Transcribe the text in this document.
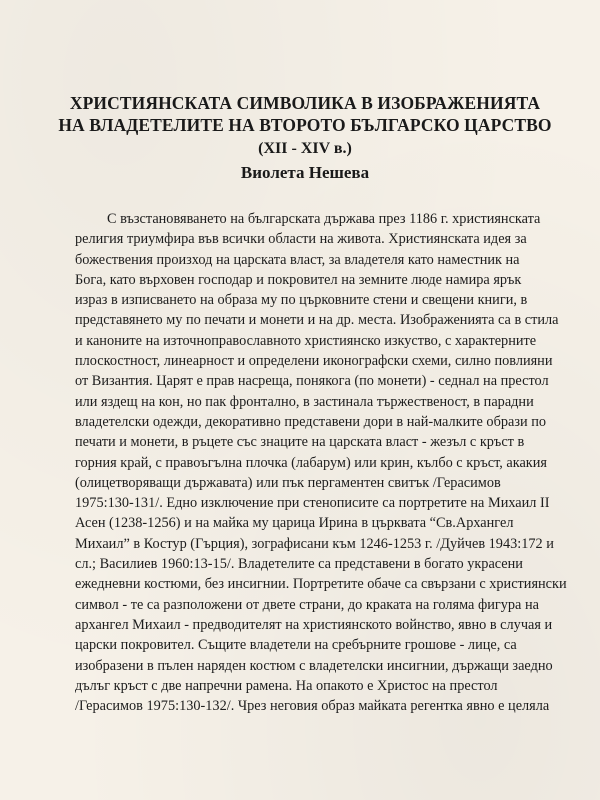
ХРИСТИЯНСКАТА СИМВОЛИКА В ИЗОБРАЖЕНИЯТА
НА ВЛАДЕТЕЛИТЕ НА ВТОРОТО БЪЛГАРСКО ЦАРСТВО
(XII - XIV в.)
Виолета Нешева
С възстановяването на българската държава през 1186 г. християнската
религия триумфира във всички области на живота. Християнската идея за
божествения произход на царската власт, за владетеля като наместник на
Бога, като върховен господар и покровител на земните люде намира ярък
израз в изписването на образа му по църковните стени и свещени книги, в
представянето му по печати и монети и на др. места. Изображенията са в стила
и каноните на източноправославното християнско изкуство, с характерните
плоскостност, линеарност и определени иконографски схеми, силно повлияни
от Византия. Царят е прав насреща, понякога (по монети) - седнал на престол
или яздещ на кон, но пак фронтално, в застинала тържественост, в парадни
владетелски одежди, декоративно представени дори в най-малките образи по
печати и монети, в ръцете със знаците на царската власт - жезъл с кръст в
горния край, с правоъгълна плочка (лабарум) или крин, кълбо с кръст, акакия
(олицетворяващи държавата) или пък пергаментен свитък /Герасимов
1975:130-131/. Едно изключение при стенописите са портретите на Михаил II
Асен (1238-1256) и на майка му царица Ирина в църквата “Св.Архангел
Михаил” в Костур (Гърция), зографисани към 1246-1253 г. /Дуйчев 1943:172 и
сл.; Василиев 1960:13-15/. Владетелите са представени в богато украсени
ежедневни костюми, без инсигнии. Портретите обаче са свързани с християнски
символ - те са разположени от двете страни, до краката на голяма фигура на
архангел Михаил - предводителят на християнското войнство, явно в случая и
царски покровител. Същите владетели на сребърните грошове - лице, са
изобразени в пълен наряден костюм с владетелски инсигнии, държащи заедно
дълъг кръст с две напречни рамена. На опакото е Христос на престол
/Герасимов 1975:130-132/. Чрез неговия образ майката регентка явно е целяла
